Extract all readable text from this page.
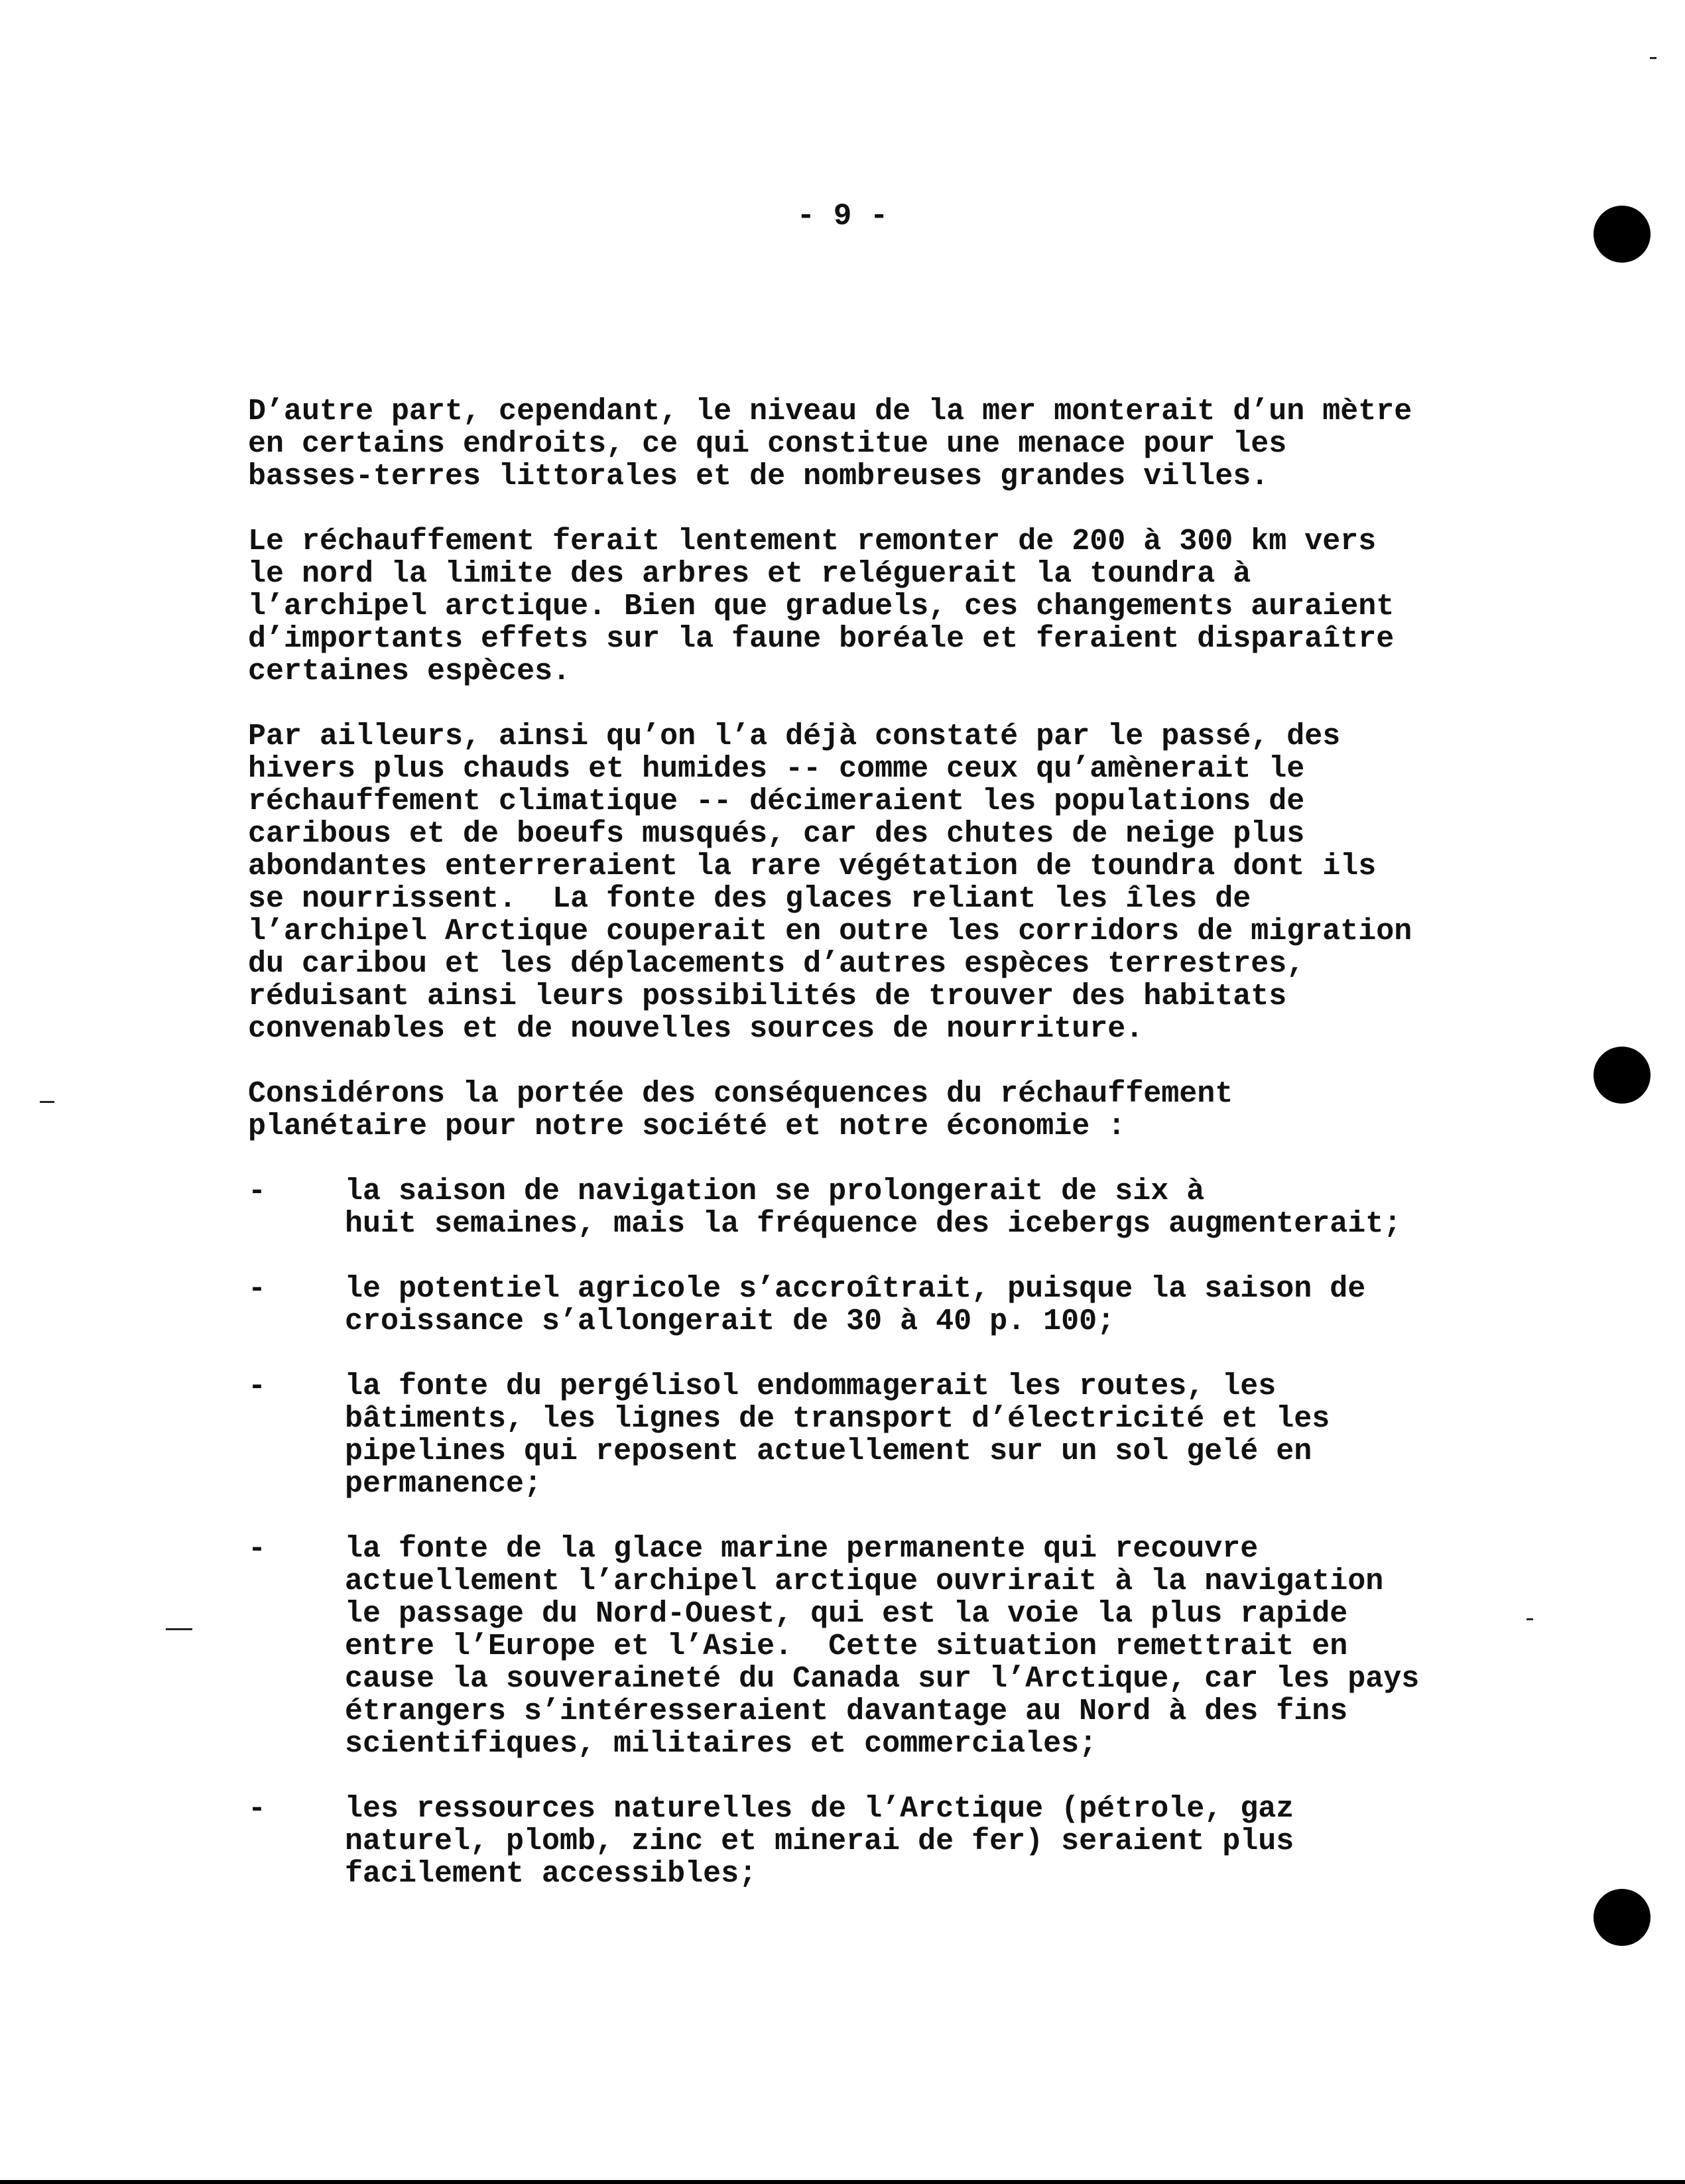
- 9 -
D’autre part, cependant, le niveau de la mer monterait d’un mètre
en certains endroits, ce qui constitue une menace pour les
basses-terres littorales et de nombreuses grandes villes.
Le réchauffement ferait lentement remonter de 200 à 300 km vers
le nord la limite des arbres et reléguerait la toundra à
l’archipel arctique. Bien que graduels, ces changements auraient
d’importants effets sur la faune boréale et feraient disparaître
certaines espèces.
Par ailleurs, ainsi qu’on l’a déjà constaté par le passé, des
hivers plus chauds et humides -- comme ceux qu’amènerait le
réchauffement climatique -- décimeraient les populations de
caribous et de boeufs musqués, car des chutes de neige plus
abondantes enterreraient la rare végétation de toundra dont ils
se nourrissent.  La fonte des glaces reliant les îles de
l’archipel Arctique couperait en outre les corridors de migration
du caribou et les déplacements d’autres espèces terrestres,
réduisant ainsi leurs possibilités de trouver des habitats
convenables et de nouvelles sources de nourriture.
Considérons la portée des conséquences du réchauffement
planétaire pour notre société et notre économie :
-	la saison de navigation se prolongerait de six à
huit semaines, mais la fréquence des icebergs augmenterait;
-	le potentiel agricole s’accroîtrait, puisque la saison de
croissance s’allongerait de 30 à 40 p. 100;
-	la fonte du pergélisol endommagerait les routes, les
bâtiments, les lignes de transport d’électricité et les
pipelines qui reposent actuellement sur un sol gelé en
permanence;
-	la fonte de la glace marine permanente qui recouvre
actuellement l’archipel arctique ouvrirait à la navigation
le passage du Nord-Ouest, qui est la voie la plus rapide
entre l’Europe et l’Asie.  Cette situation remettrait en
cause la souveraineté du Canada sur l’Arctique, car les pays
étrangers s’intéresseraient davantage au Nord à des fins
scientifiques, militaires et commerciales;
-	les ressources naturelles de l’Arctique (pétrole, gaz
naturel, plomb, zinc et minerai de fer) seraient plus
facilement accessibles;
